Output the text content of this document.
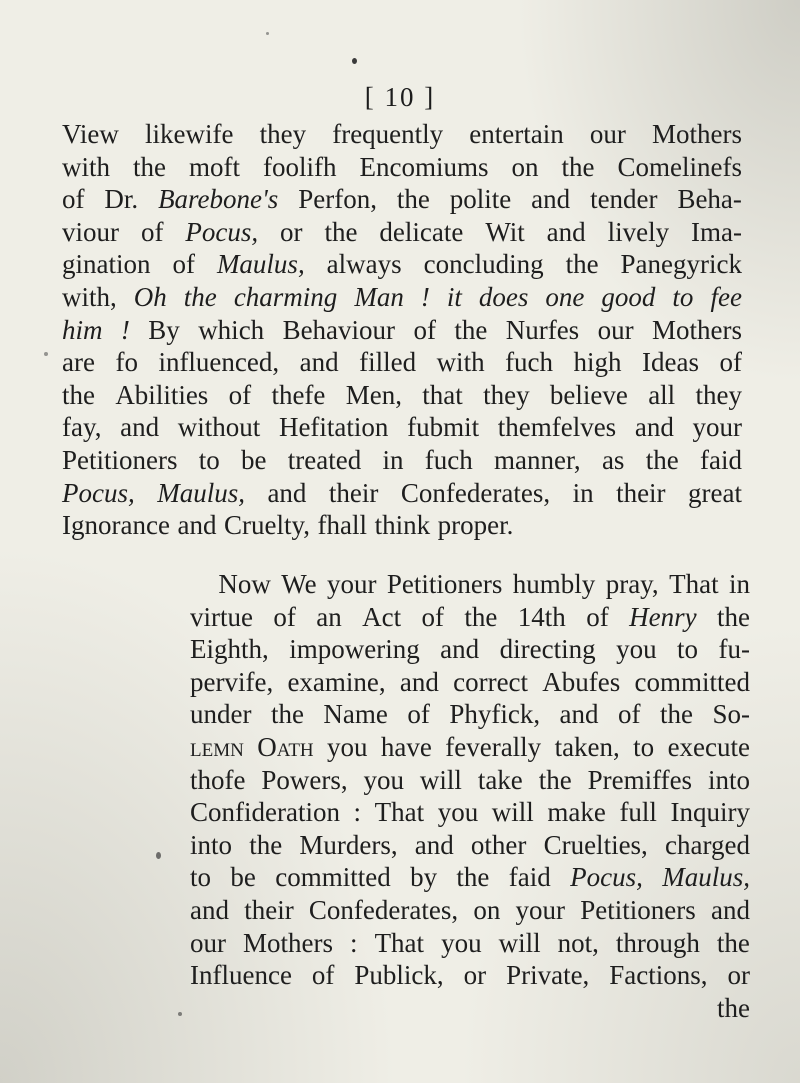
[ 10 ]
View likewife they frequently entertain our Mothers
with the moft foolifh Encomiums on the Comelinefs
of Dr. Barebone's Perfon, the polite and tender Beha-
viour of Pocus, or the delicate Wit and lively Ima-
gination of Maulus, always concluding the Panegyrick
with, Oh the charming Man ! it does one good to fee
him ! By which Behaviour of the Nurfes our Mothers
are fo influenced, and filled with fuch high Ideas of
the Abilities of thefe Men, that they believe all they
fay, and without Hefitation fubmit themfelves and your
Petitioners to be treated in fuch manner, as the faid
Pocus, Maulus, and their Confederates, in their great
Ignorance and Cruelty, fhall think proper.
Now We your Petitioners humbly pray, That in
virtue of an Act of the 14th of Henry the
Eighth, impowering and directing you to fu-
pervife, examine, and correct Abufes committed
under the Name of Phyfick, and of the So-
lemn Oath you have feverally taken, to execute
thofe Powers, you will take the Premiffes into
Confideration : That you will make full Inquiry
into the Murders, and other Cruelties, charged
to be committed by the faid Pocus, Maulus,
and their Confederates, on your Petitioners and
our Mothers : That you will not, through the
Influence of Publick, or Private, Factions, or
the
